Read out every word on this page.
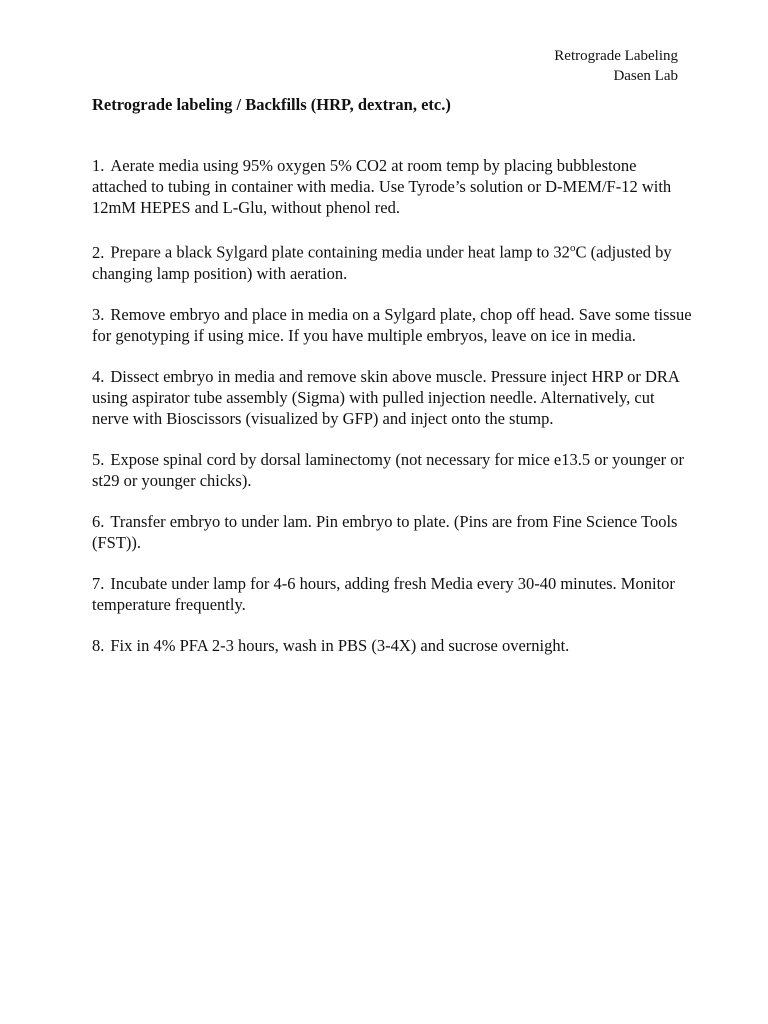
Retrograde Labeling
Dasen Lab
Retrograde labeling / Backfills (HRP, dextran, etc.)

1. Aerate media using 95% oxygen 5% CO2 at room temp by placing bubblestone attached to tubing in container with media. Use Tyrode’s solution or D-MEM/F-12 with 12mM HEPES and L-Glu, without phenol red.

2. Prepare a black Sylgard plate containing media under heat lamp to 32$^o$C (adjusted by changing lamp position) with aeration.

3. Remove embryo and place in media on a Sylgard plate, chop off head. Save some tissue for genotyping if using mice. If you have multiple embryos, leave on ice in media.

4. Dissect embryo in media and remove skin above muscle. Pressure inject HRP or DRA using aspirator tube assembly (Sigma) with pulled injection needle. Alternatively, cut nerve with Bioscissors (visualized by GFP) and inject onto the stump.

5. Expose spinal cord by dorsal laminectomy (not necessary for mice e13.5 or younger or st29 or younger chicks).

6. Transfer embryo to under lam. Pin embryo to plate. (Pins are from Fine Science Tools (FST)).

7. Incubate under lamp for 4-6 hours, adding fresh Media every 30-40 minutes. Monitor temperature frequently.

8. Fix in 4% PFA 2-3 hours, wash in PBS (3-4X) and sucrose overnight.
